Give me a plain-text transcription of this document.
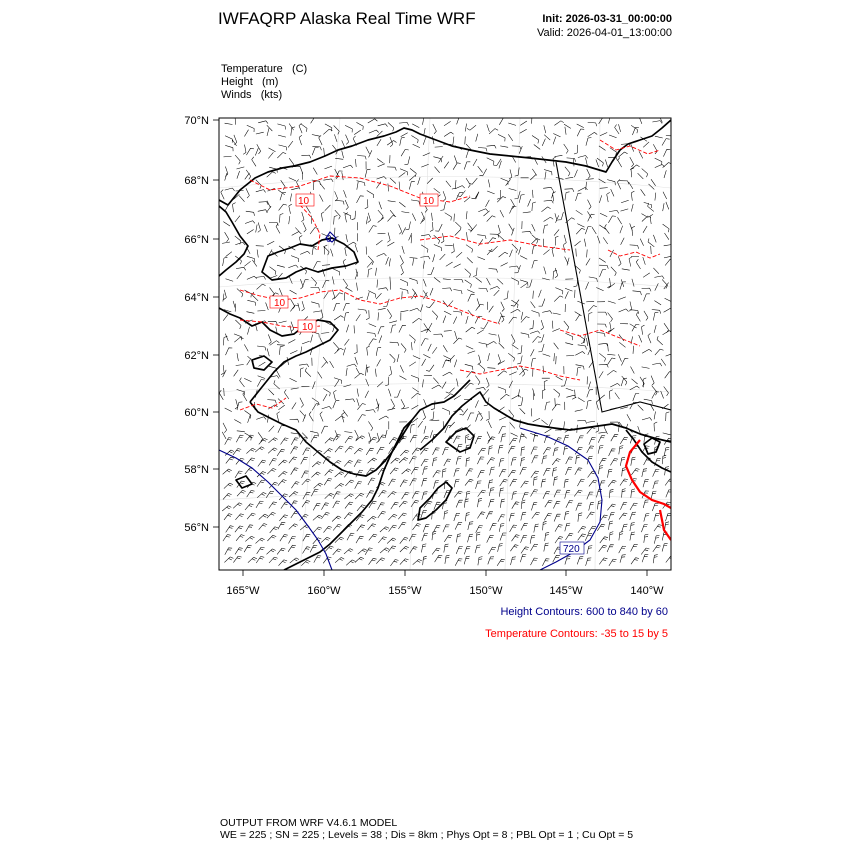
IWFAQRP Alaska Real Time WRF	Init: 2026-03-31_00:00:00
Valid: 2026-04-01_13:00:00
Temperature (C)
Height (m)
Winds (kts)
10	10
10
10
720
0
70°N
68°N
66°N
64°N
62°N
60°N
58°N
56°N
165°W	160°W	155°W	150°W	145°W	140°W
Height Contours: 600 to 840 by 60
Temperature Contours: -35 to 15 by 5
OUTPUT FROM WRF V4.6.1 MODEL
WE = 225 ; SN = 225 ; Levels = 38 ; Dis = 8km ; Phys Opt = 8 ; PBL Opt = 1 ; Cu Opt = 5
